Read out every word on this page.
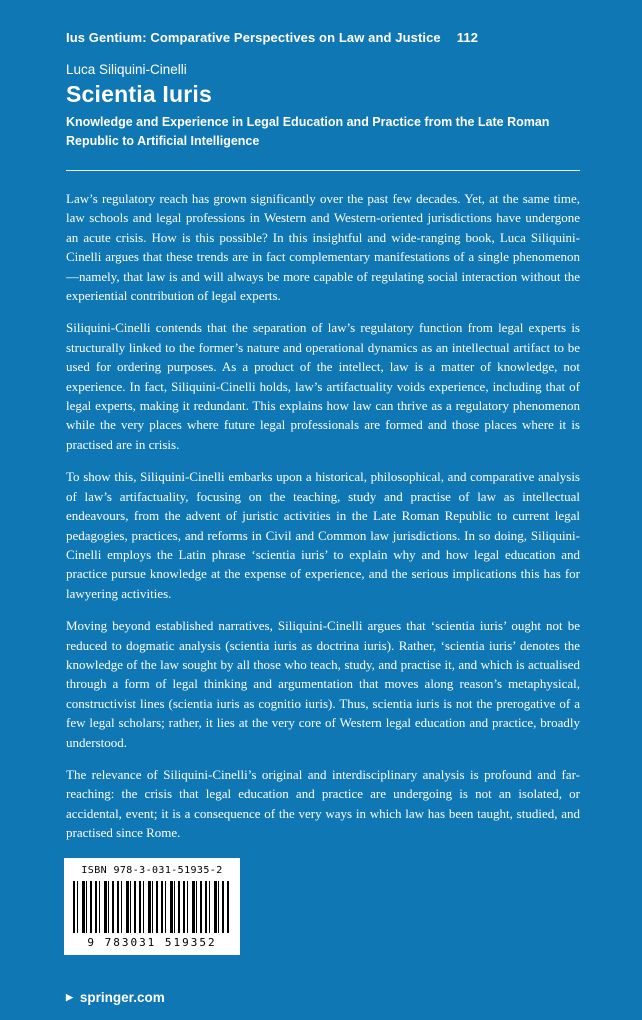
Ius Gentium: Comparative Perspectives on Law and Justice 112
Luca Siliquini-Cinelli
Scientia Iuris
Knowledge and Experience in Legal Education and Practice from the Late Roman Republic to Artificial Intelligence

Law’s regulatory reach has grown significantly over the past few decades. Yet, at the same time, law schools and legal professions in Western and Western-oriented jurisdictions have undergone an acute crisis. How is this possible? In this insightful and wide-ranging book, Luca Siliquini-Cinelli argues that these trends are in fact complementary manifestations of a single phenomenon—namely, that law is and will always be more capable of regulating social interaction without the experiential contribution of legal experts.

Siliquini-Cinelli contends that the separation of law’s regulatory function from legal experts is structurally linked to the former’s nature and operational dynamics as an intellectual artifact to be used for ordering purposes. As a product of the intellect, law is a matter of knowledge, not experience. In fact, Siliquini-Cinelli holds, law’s artifactuality voids experience, including that of legal experts, making it redundant. This explains how law can thrive as a regulatory phenomenon while the very places where future legal professionals are formed and those places where it is practised are in crisis.

To show this, Siliquini-Cinelli embarks upon a historical, philosophical, and comparative analysis of law’s artifactuality, focusing on the teaching, study and practise of law as intellectual endeavours, from the advent of juristic activities in the Late Roman Republic to current legal pedagogies, practices, and reforms in Civil and Common law jurisdictions. In so doing, Siliquini-Cinelli employs the Latin phrase ‘scientia iuris’ to explain why and how legal education and practice pursue knowledge at the expense of experience, and the serious implications this has for lawyering activities.

Moving beyond established narratives, Siliquini-Cinelli argues that ‘scientia iuris’ ought not be reduced to dogmatic analysis (scientia iuris as doctrina iuris). Rather, ‘scientia iuris’ denotes the knowledge of the law sought by all those who teach, study, and practise it, and which is actualised through a form of legal thinking and argumentation that moves along reason’s metaphysical, constructivist lines (scientia iuris as cognitio iuris). Thus, scientia iuris is not the prerogative of a few legal scholars; rather, it lies at the very core of Western legal education and practice, broadly understood.

The relevance of Siliquini-Cinelli’s original and interdisciplinary analysis is profound and far-reaching: the crisis that legal education and practice are undergoing is not an isolated, or accidental, event; it is a consequence of the very ways in which law has been taught, studied, and practised since Rome.

ISBN 978-3-031-51935-2
9 783031 519352
▶ springer.com
